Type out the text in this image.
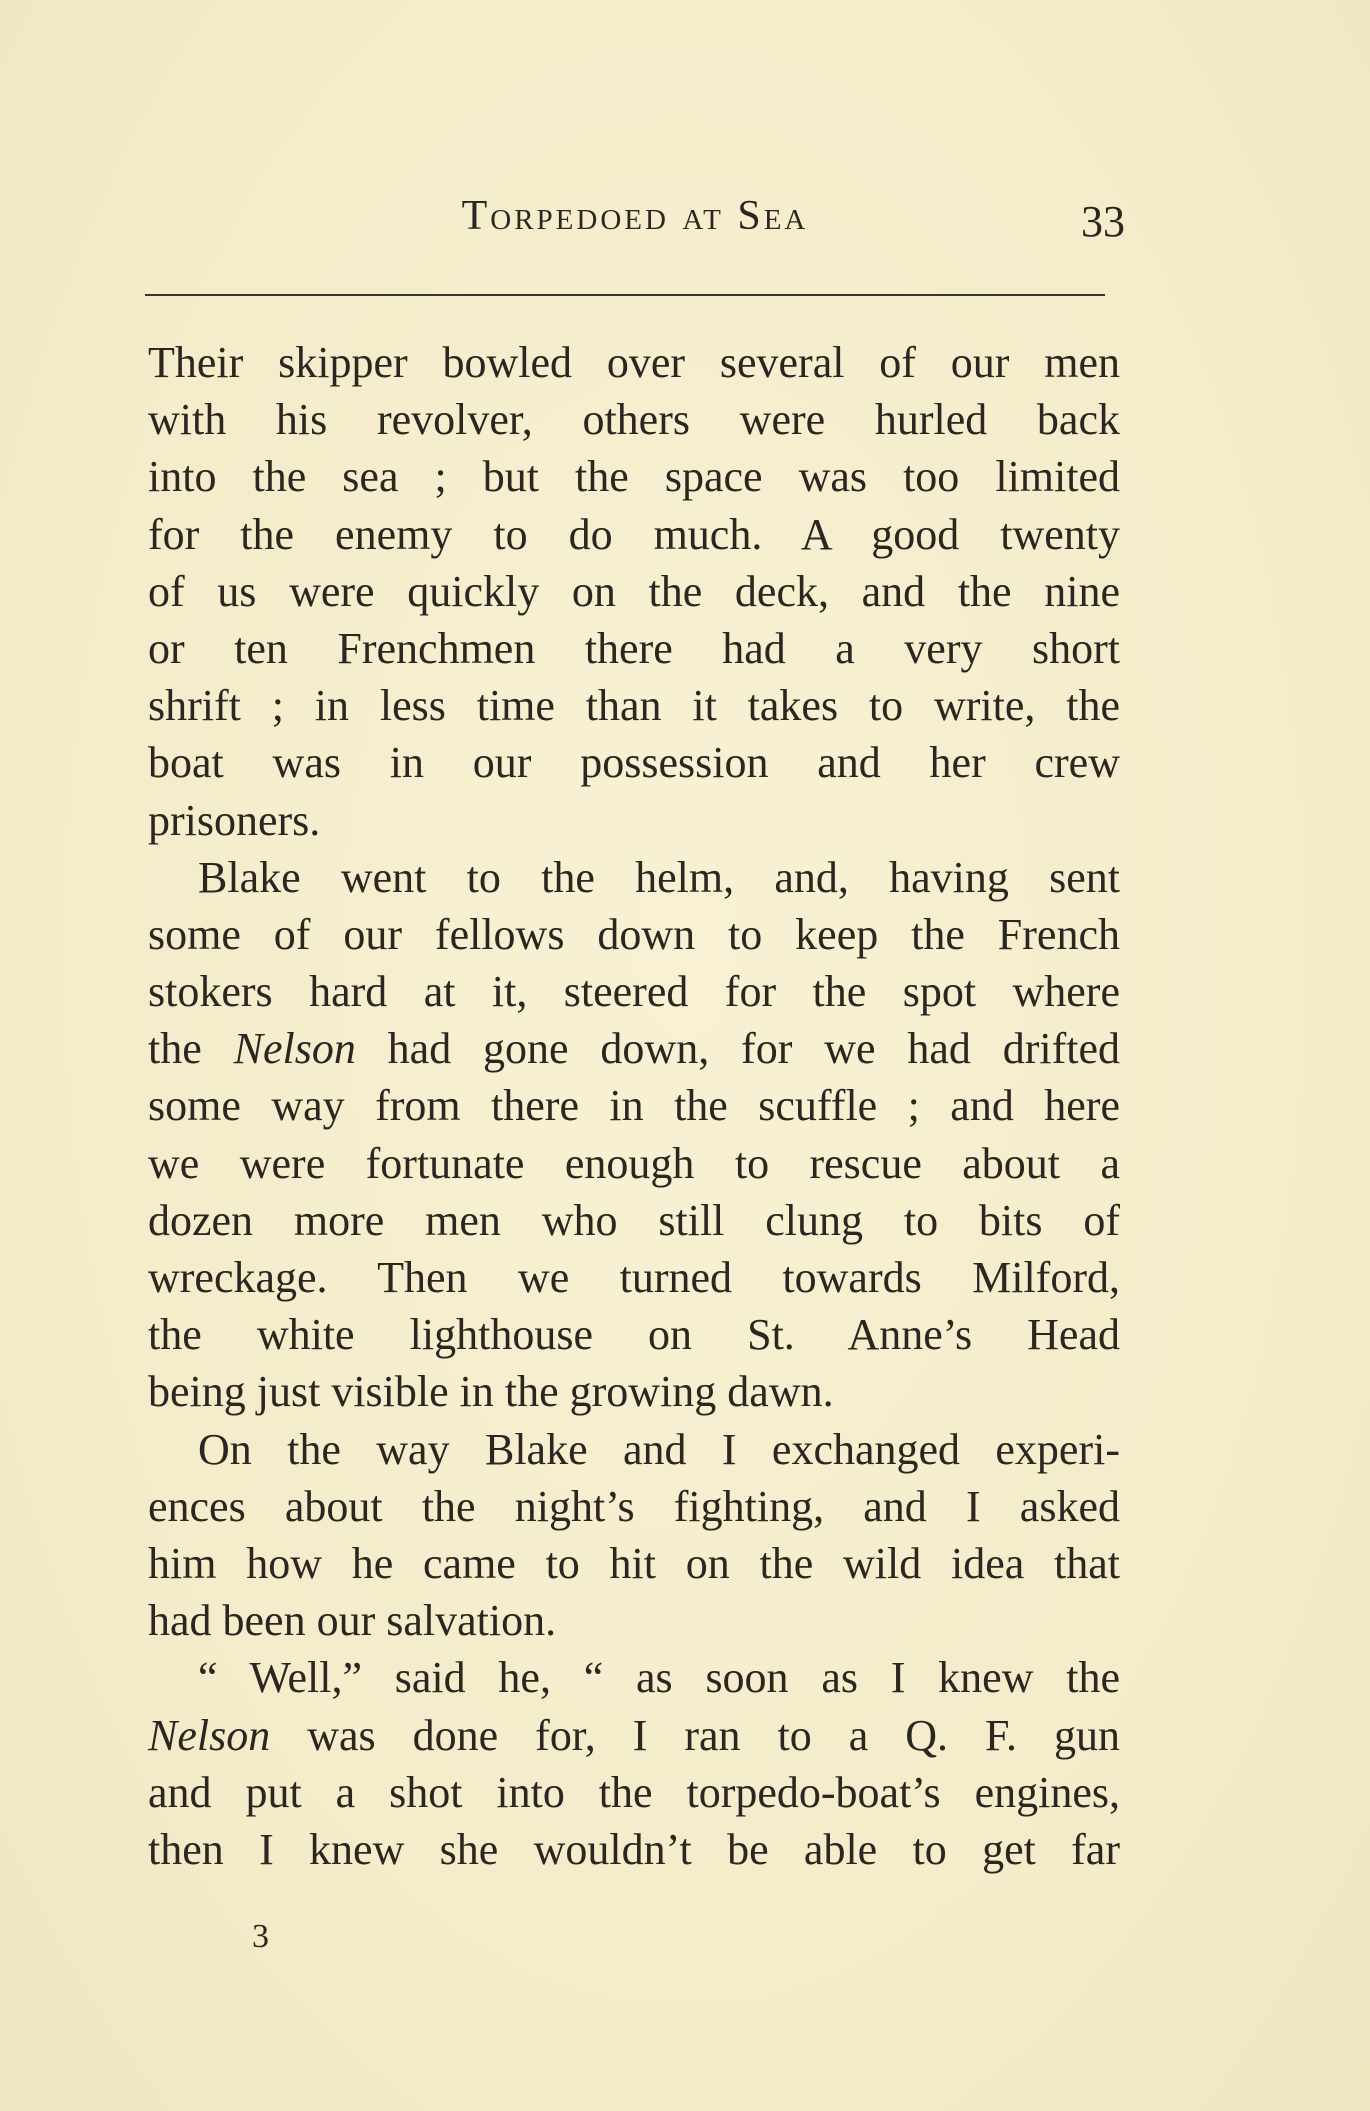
Torpedoed at Sea	33
Their skipper bowled over several of our men
with his revolver, others were hurled back
into the sea ; but the space was too limited
for the enemy to do much. A good twenty
of us were quickly on the deck, and the nine
or ten Frenchmen there had a very short
shrift ; in less time than it takes to write, the
boat was in our possession and her crew
prisoners.
Blake went to the helm, and, having sent
some of our fellows down to keep the French
stokers hard at it, steered for the spot where
the Nelson had gone down, for we had drifted
some way from there in the scuffle ; and here
we were fortunate enough to rescue about a
dozen more men who still clung to bits of
wreckage. Then we turned towards Milford,
the white lighthouse on St. Anne’s Head
being just visible in the growing dawn.
On the way Blake and I exchanged experi-
ences about the night’s fighting, and I asked
him how he came to hit on the wild idea that
had been our salvation.
“ Well,” said he, “ as soon as I knew the
Nelson was done for, I ran to a Q. F. gun
and put a shot into the torpedo-boat’s engines,
then I knew she wouldn’t be able to get far
3
